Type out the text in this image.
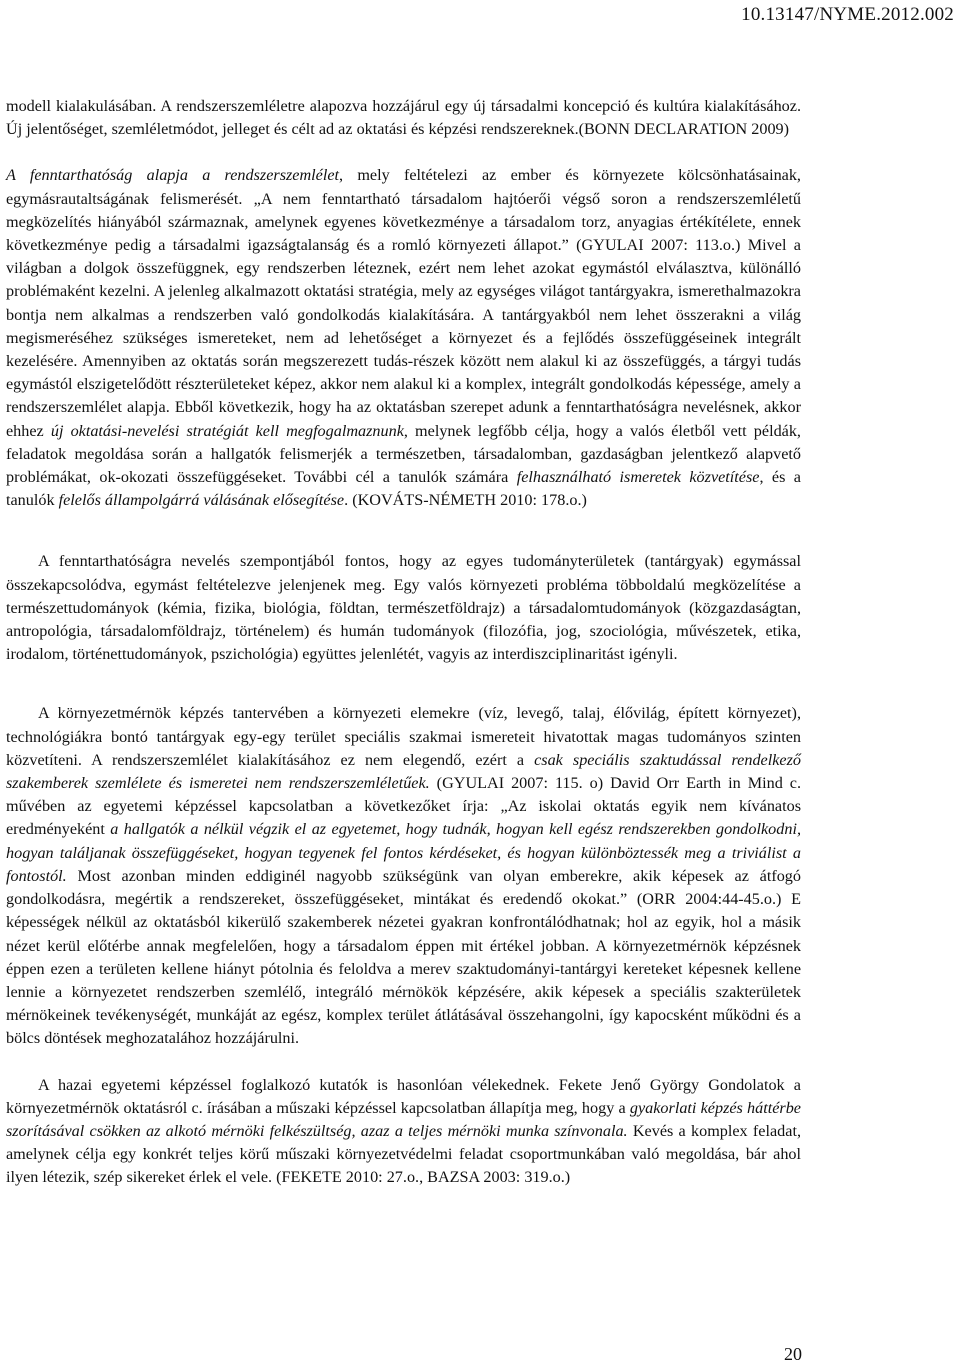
10.13147/NYME.2012.002

modell kialakulásában. A rendszerszemléletre alapozva hozzájárul egy új társadalmi koncepció és kultúra kialakításához. Új jelentőséget, szemléletmódot, jelleget és célt ad az oktatási és képzési rendszereknek.(BONN DECLARATION 2009)

A fenntarthatóság alapja a rendszerszemlélet, mely feltételezi az ember és környezete kölcsönhatásainak, egymásrautaltságának felismerését. „A nem fenntartható társadalom hajtóerői végső soron a rendszerszemléletű megközelítés hiányából származnak, amelynek egyenes következménye a társadalom torz, anyagias értékítélete, ennek következménye pedig a társadalmi igazságtalanság és a romló környezeti állapot.” (GYULAI 2007: 113.o.) Mivel a világban a dolgok összefüggnek, egy rendszerben léteznek, ezért nem lehet azokat egymástól elválasztva, különálló problémaként kezelni. A jelenleg alkalmazott oktatási stratégia, mely az egységes világot tantárgyakra, ismerethalmazokra bontja nem alkalmas a rendszerben való gondolkodás kialakítására. A tantárgyakból nem lehet összerakni a világ megismeréséhez szükséges ismereteket, nem ad lehetőséget a környezet és a fejlődés összefüggéseinek integrált kezelésére. Amennyiben az oktatás során megszerezett tudás-részek között nem alakul ki az összefüggés, a tárgyi tudás egymástól elszigetelődött részterületeket képez, akkor nem alakul ki a komplex, integrált gondolkodás képessége, amely a rendszerszemlélet alapja. Ebből következik, hogy ha az oktatásban szerepet adunk a fenntarthatóságra nevelésnek, akkor ehhez új oktatási-nevelési stratégiát kell megfogalmaznunk, melynek legfőbb célja, hogy a valós életből vett példák, feladatok megoldása során a hallgatók felismerjék a természetben, társadalomban, gazdaságban jelentkező alapvető problémákat, ok-okozati összefüggéseket. További cél a tanulók számára felhasználható ismeretek közvetítése, és a tanulók felelős állampolgárrá válásának elősegítése. (KOVÁTS-NÉMETH 2010: 178.o.)

A fenntarthatóságra nevelés szempontjából fontos, hogy az egyes tudományterületek (tantárgyak) egymással összekapcsolódva, egymást feltételezve jelenjenek meg. Egy valós környezeti probléma többoldalú megközelítése a természettudományok (kémia, fizika, biológia, földtan, természetföldrajz) a társadalomtudományok (közgazdaságtan, antropológia, társadalomföldrajz, történelem) és humán tudományok (filozófia, jog, szociológia, művészetek, etika, irodalom, történettudományok, pszichológia) együttes jelenlétét, vagyis az interdiszciplinaritást igényli.

A környezetmérnök képzés tantervében a környezeti elemekre (víz, levegő, talaj, élővilág, épített környezet), technológiákra bontó tantárgyak egy-egy terület speciális szakmai ismereteit hivatottak magas tudományos szinten közvetíteni. A rendszerszemlélet kialakításához ez nem elegendő, ezért a csak speciális szaktudással rendelkező szakemberek szemlélete és ismeretei nem rendszerszemléletűek. (GYULAI 2007: 115. o) David Orr Earth in Mind c. művében az egyetemi képzéssel kapcsolatban a következőket írja: „Az iskolai oktatás egyik nem kívánatos eredményeként a hallgatók a nélkül végzik el az egyetemet, hogy tudnák, hogyan kell egész rendszerekben gondolkodni, hogyan találjanak összefüggéseket, hogyan tegyenek fel fontos kérdéseket, és hogyan különböztessék meg a triviálist a fontostól. Most azonban minden eddiginél nagyobb szükségünk van olyan emberekre, akik képesek az átfogó gondolkodásra, megértik a rendszereket, összefüggéseket, mintákat és eredendő okokat.” (ORR 2004:44-45.o.) E képességek nélkül az oktatásból kikerülő szakemberek nézetei gyakran konfrontálódhatnak; hol az egyik, hol a másik nézet kerül előtérbe annak megfelelően, hogy a társadalom éppen mit értékel jobban. A környezetmérnök képzésnek éppen ezen a területen kellene hiányt pótolnia és feloldva a merev szaktudományi-tantárgyi kereteket képesnek kellene lennie a környezetet rendszerben szemlélő, integráló mérnökök képzésére, akik képesek a speciális szakterületek mérnökeinek tevékenységét, munkáját az egész, komplex terület átlátásával összehangolni, így kapocsként működni és a bölcs döntések meghozatalához hozzájárulni.

A hazai egyetemi képzéssel foglalkozó kutatók is hasonlóan vélekednek. Fekete Jenő György Gondolatok a környezetmérnök oktatásról c. írásában a műszaki képzéssel kapcsolatban állapítja meg, hogy a gyakorlati képzés háttérbe szorításával csökken az alkotó mérnöki felkészültség, azaz a teljes mérnöki munka színvonala. Kevés a komplex feladat, amelynek célja egy konkrét teljes körű műszaki környezetvédelmi feladat csoportmunkában való megoldása, bár ahol ilyen létezik, szép sikereket érlek el vele. (FEKETE 2010: 27.o., BAZSA 2003: 319.o.)

20
